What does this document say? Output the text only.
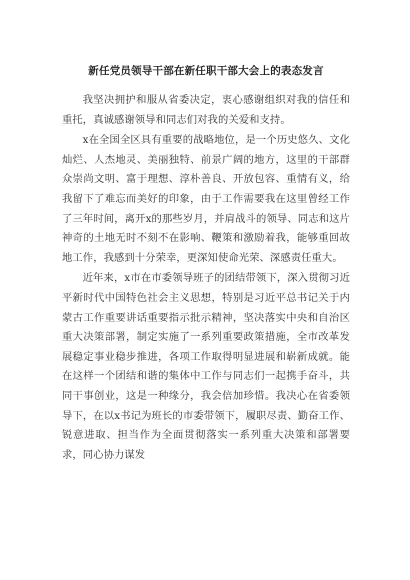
新任党员领导干部在新任职干部大会上的表态发言

我坚决拥护和服从省委决定，衷心感谢组织对我的信任和重托，真诚感谢领导和同志们对我的关爱和支持。

x在全国全区具有重要的战略地位，是一个历史悠久、文化灿烂、人杰地灵、美丽独特、前景广阔的地方，这里的干部群众崇尚文明、富于理想、淳朴善良、开放包容、重情有义，给我留下了难忘而美好的印象，由于工作需要我在这里曾经工作了三年时间，离开x的那些岁月，并肩战斗的领导、同志和这片神奇的土地无时不刻不在影响、鞭策和激励着我，能够重回故地工作，我感到十分荣幸，更深知使命光荣、深感责任重大。

近年来，x市在市委领导班子的团结带领下，深入贯彻习近平新时代中国特色社会主义思想，特别是习近平总书记关于内蒙古工作重要讲话重要指示批示精神，坚决落实中央和自治区重大决策部署，制定实施了一系列重要政策措施，全市改革发展稳定事业稳步推进，各项工作取得明显进展和崭新成就。能在这样一个团结和谐的集体中工作与同志们一起携手奋斗，共同干事创业，这是一种缘分，我会倍加珍惜。我决心在省委领导下，在以x书记为班长的市委带领下，履职尽责、勤奋工作、锐意进取、担当作为全面贯彻落实一系列重大决策和部署要求，同心协力谋发
